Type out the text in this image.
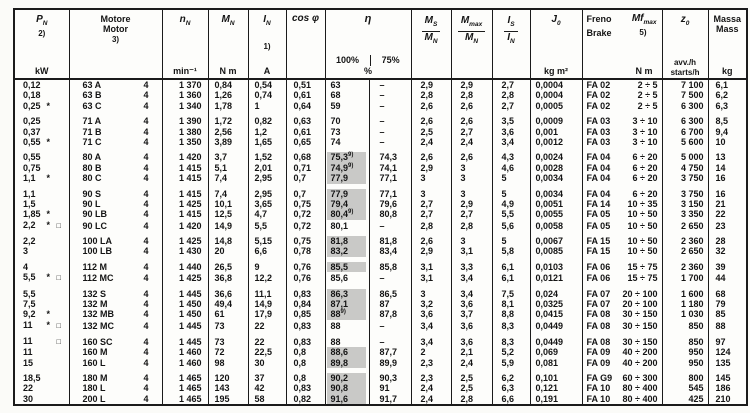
$P_N$
2)
kW

Motore
Motor
3)

$n_N$
min⁻¹

$M_N$
N m

$I_N$
1)
A

cos φ	η
100%	75%
%

$\frac{M_S}{M_N}$	$\frac{M_{max}}{M_N}$	$\frac{I_S}{I_N}$	$J_0$
kg m²

Freno $Mf_{max}$
Brake	5)
N m

$z_0$
avv./h
starts/h

Massa
Mass
kg

0,12	63 A 4	1 370	0,84	0,54	0,51	63	–	2,9	2,9	2,7	0,0004	FA 02 2 ÷ 5	7 100	6,1

0,18	63 B 4	1 360	1,26	0,74	0,61	68	–	2,8	2,8	2,8	0,0004	FA 02 2 ÷ 5	7 500	6,2

0,25 *	63 C 4	1 340	1,78	1	0,64	59	–	2,6	2,6	2,7	0,0005	FA 02 2 ÷ 5	6 300	6,3

0,25	71 A 4	1 390	1,72	0,82	0,63	70	–	2,6	2,6	3,5	0,0009	FA 03 3 ÷ 10	6 300	8,5

0,37	71 B 4	1 380	2,56	1,2	0,61	73	–	2,5	2,7	3,6	0,001	FA 03 3 ÷ 10	6 700	9,4

0,55 *	71 C 4	1 350	3,89	1,65	0,65	74	–	2,4	2,4	3,4	0,0012	FA 03 3 ÷ 10	5 600	10

0,55	80 A 4	1 420	3,7	1,52	0,68	75,3$^{9)}$	74,3	2,6	2,6	4,3	0,0024	FA 04 6 ÷ 20	5 000	13

0,75	80 B 4	1 415	5,1	2,01	0,71	74,9$^{9)}$	74,1	2,9	3	4,6	0,0028	FA 04 6 ÷ 20	4 750	14

1,1 *	80 C 4	1 415	7,4	2,95	0,7	77,9	77,1	3	3	5	0,0034	FA 04 6 ÷ 20	3 750	16

1,1	90 S 4	1 415	7,4	2,95	0,7	77,9	77,1	3	3	5	0,0034	FA 04 6 ÷ 20	3 750	16

1,5	90 L 4	1 425	10,1	3,65	0,75	79,4	79,6	2,7	2,9	4,9	0,0051	FA 14 10 ÷ 35	3 150	21

1,85 *	90 LB 4	1 415	12,5	4,7	0,72	80,4$^{9)}$	80,8	2,7	2,7	5,5	0,0055	FA 05 10 ÷ 50	3 350	22

2,2 * □	90 LC 4	1 420	14,9	5,5	0,72	80,1	–	2,8	2,8	5,6	0,0058	FA 05 10 ÷ 50	2 650	23

2,2	100 LA 4	1 425	14,8	5,15	0,75	81,8	81,8	2,6	3	5	0,0067	FA 15 10 ÷ 50	2 360	28

3	100 LB 4	1 430	20	6,6	0,78	83,2	83,4	2,9	3,1	5,8	0,0085	FA 15 10 ÷ 50	2 650	32

4	112 M 4	1 440	26,5	9	0,76	85,5	85,8	3,1	3,3	6,1	0,0103	FA 06 15 ÷ 75	2 360	39

5,5 * □	112 MC 4	1 425	36,8	12,2	0,76	85,6	–	3,1	3,4	6,1	0,0121	FA 06 15 ÷ 75	1 700	44

5,5	132 S 4	1 445	36,6	11,1	0,83	86,3	86,5	3	3,4	7,5	0,024	FA 07 20 ÷ 100	1 600	68

7,5	132 M 4	1 450	49,4	14,9	0,84	87,1	87	3,2	3,6	8,1	0,0325	FA 07 20 ÷ 100	1 180	79

9,2 *	132 MB 4	1 450	61	17,9	0,85	88$^{9)}$	87,8	3,6	3,7	8,8	0,0415	FA 08 30 ÷ 150	1 030	85

11 * □	132 MC 4	1 445	73	22	0,83	88	–	3,4	3,6	8,3	0,0449	FA 08 30 ÷ 150	850	88

11 □	160 SC 4	1 445	73	22	0,83	88	–	3,4	3,6	8,3	0,0449	FA 08 30 ÷ 150	850	97

11	160 M 4	1 460	72	22,5	0,8	88,6	87,7	2	2,1	5,2	0,069	FA 09 40 ÷ 200	950	124

15	160 L 4	1 460	98	30	0,8	89,8	89,9	2,3	2,4	5,9	0,081	FA 09 40 ÷ 200	950	135

18,5	180 M 4	1 465	120	37	0,8	90,2	90,3	2,3	2,5	6,2	0,101	FA G9 60 ÷ 300	800	145

22	180 L 4	1 465	143	42	0,83	90,8	91	2,4	2,5	6,3	0,121	FA 10 80 ÷ 400	545	186

30	200 L 4	1 465	195	58	0,82	91,6	91,7	2,4	2,8	6,6	0,191	FA 10 80 ÷ 400	425	210
